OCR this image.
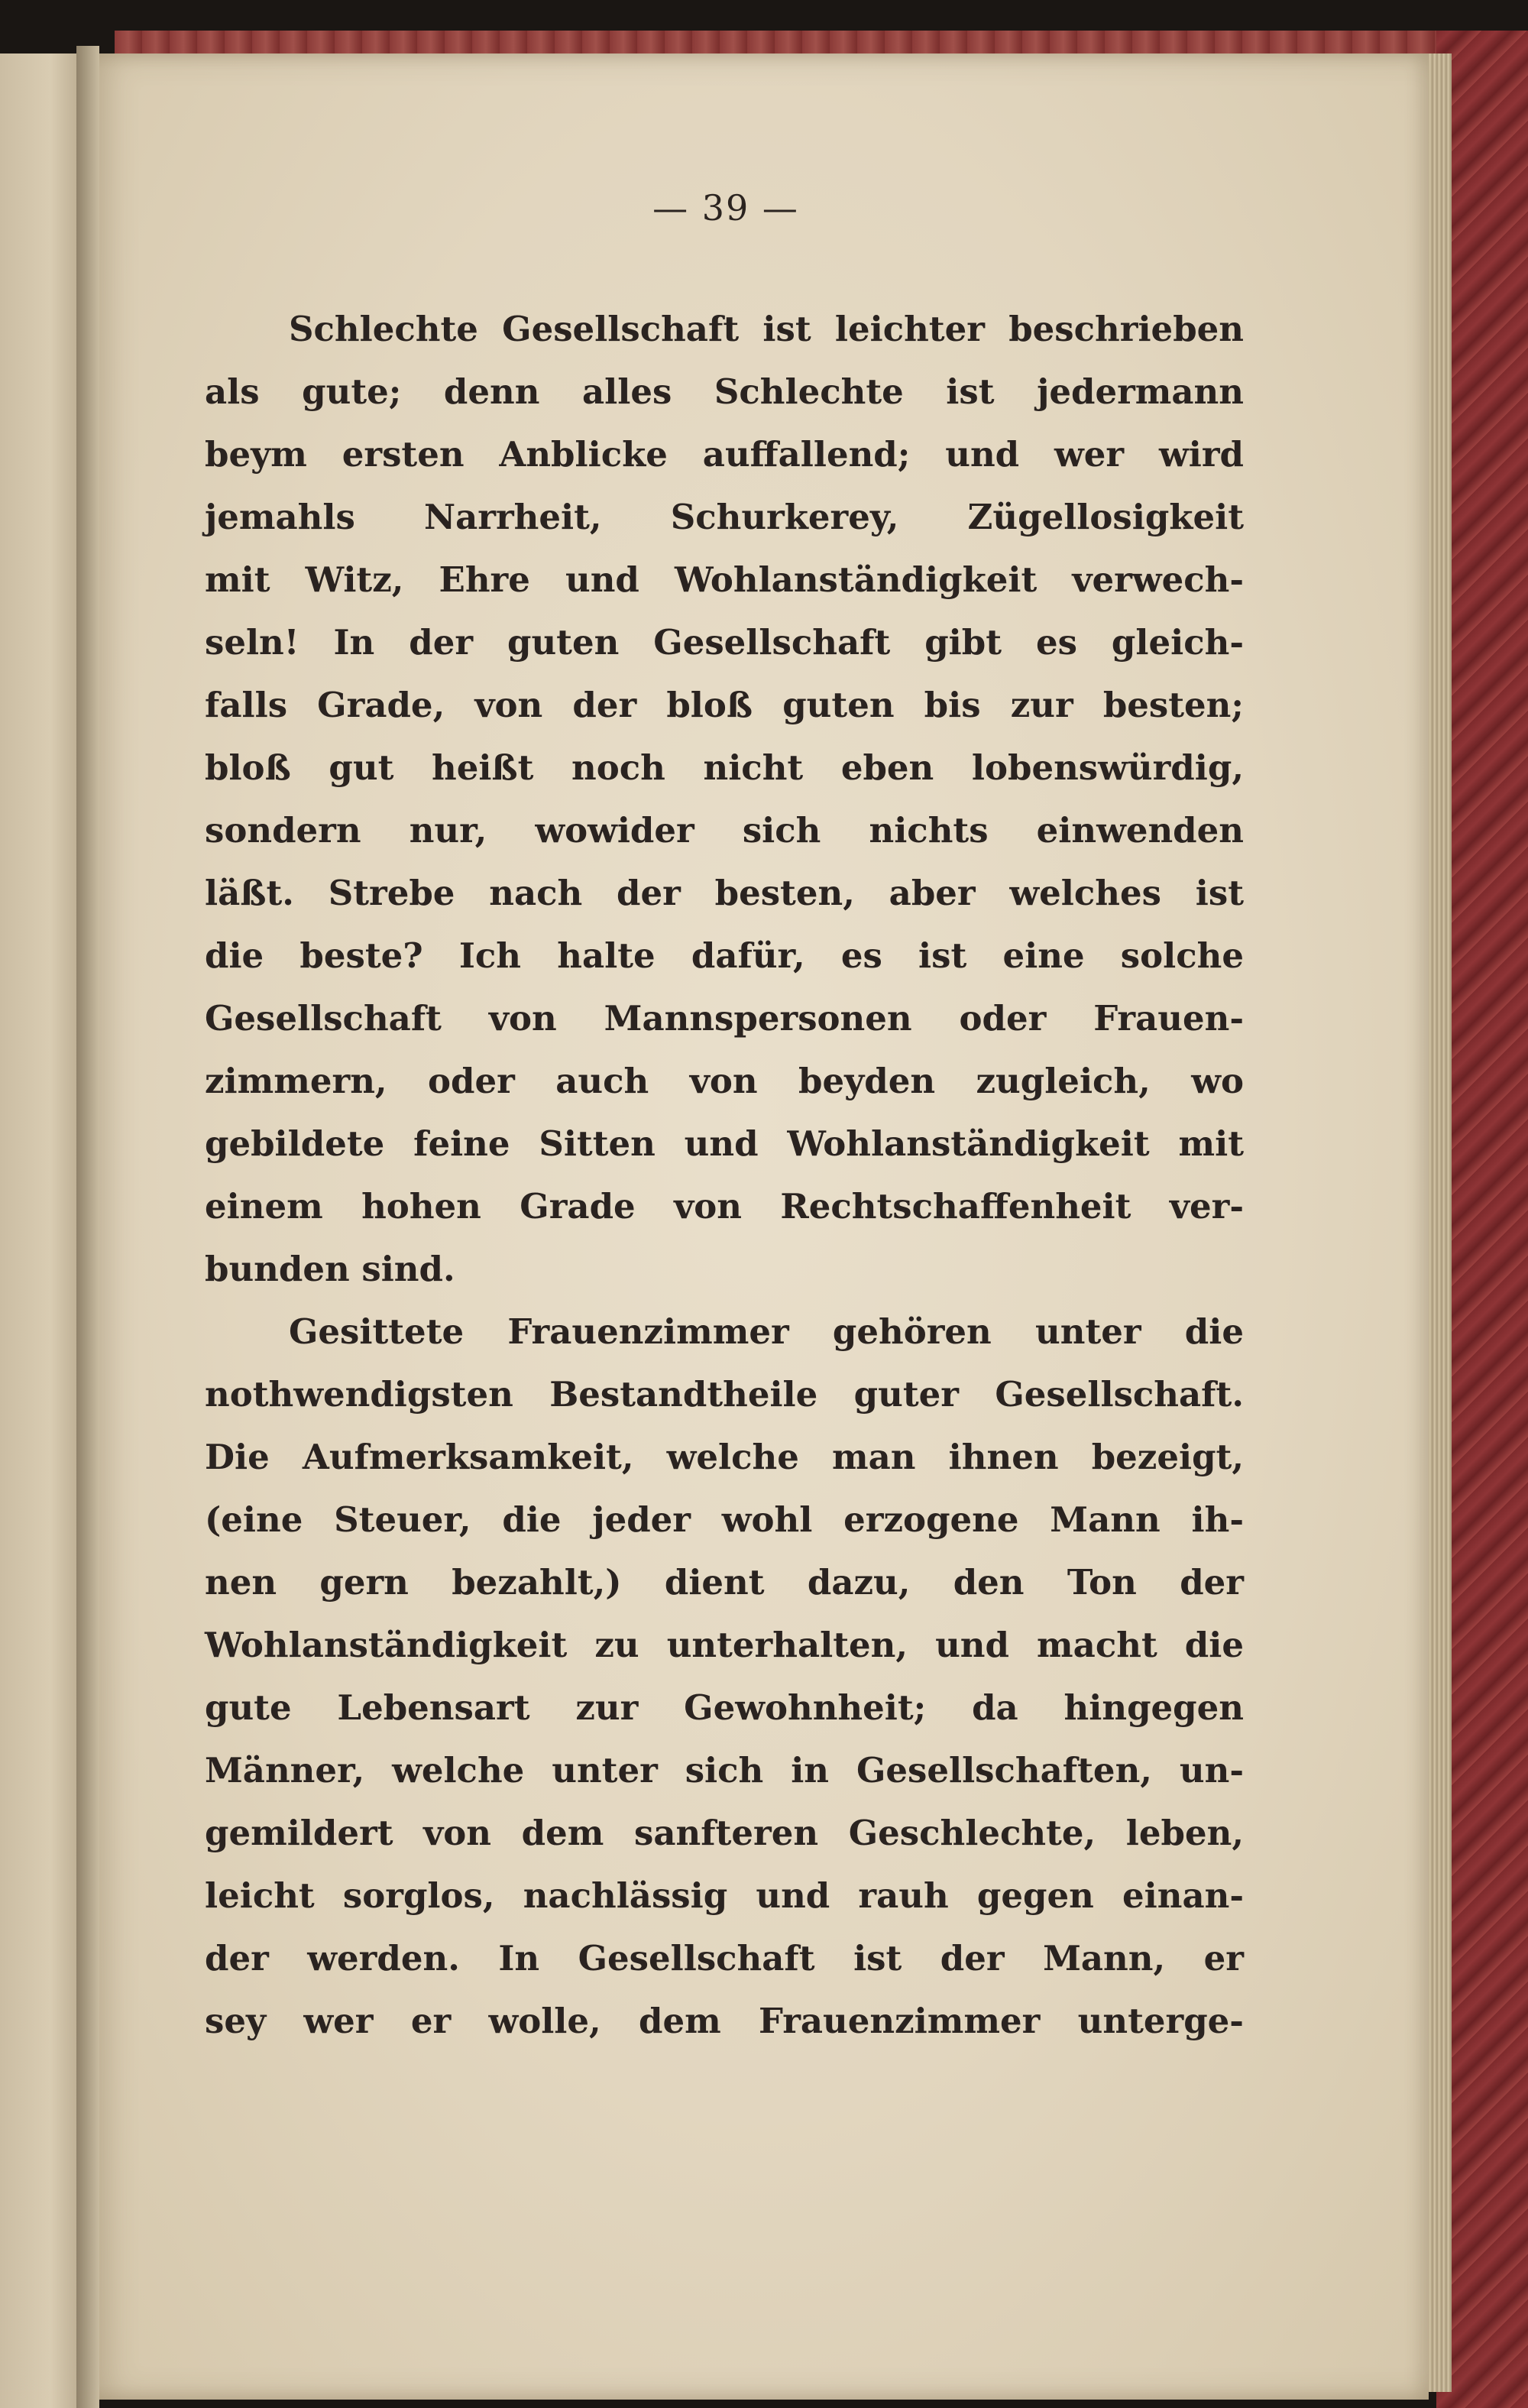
— 39 —
Schlechte Gesellschaft ist leichter beschrieben
als gute; denn alles Schlechte ist jedermann
beym ersten Anblicke auffallend; und wer wird
jemahls Narrheit, Schurkerey, Zügellosigkeit
mit Witz, Ehre und Wohlanständigkeit verwech-
seln! In der guten Gesellschaft gibt es gleich-
falls Grade, von der bloß guten bis zur besten;
bloß gut heißt noch nicht eben lobenswürdig,
sondern nur, wowider sich nichts einwenden
läßt. Strebe nach der besten, aber welches ist
die beste? Ich halte dafür, es ist eine solche
Gesellschaft von Mannspersonen oder Frauen-
zimmern, oder auch von beyden zugleich, wo
gebildete feine Sitten und Wohlanständigkeit mit
einem hohen Grade von Rechtschaffenheit ver-
bunden sind.
Gesittete Frauenzimmer gehören unter die
nothwendigsten Bestandtheile guter Gesellschaft.
Die Aufmerksamkeit, welche man ihnen bezeigt,
(eine Steuer, die jeder wohl erzogene Mann ih-
nen gern bezahlt,) dient dazu, den Ton der
Wohlanständigkeit zu unterhalten, und macht die
gute Lebensart zur Gewohnheit; da hingegen
Männer, welche unter sich in Gesellschaften, un-
gemildert von dem sanfteren Geschlechte, leben,
leicht sorglos, nachlässig und rauh gegen einan-
der werden. In Gesellschaft ist der Mann, er
sey wer er wolle, dem Frauenzimmer unterge-
